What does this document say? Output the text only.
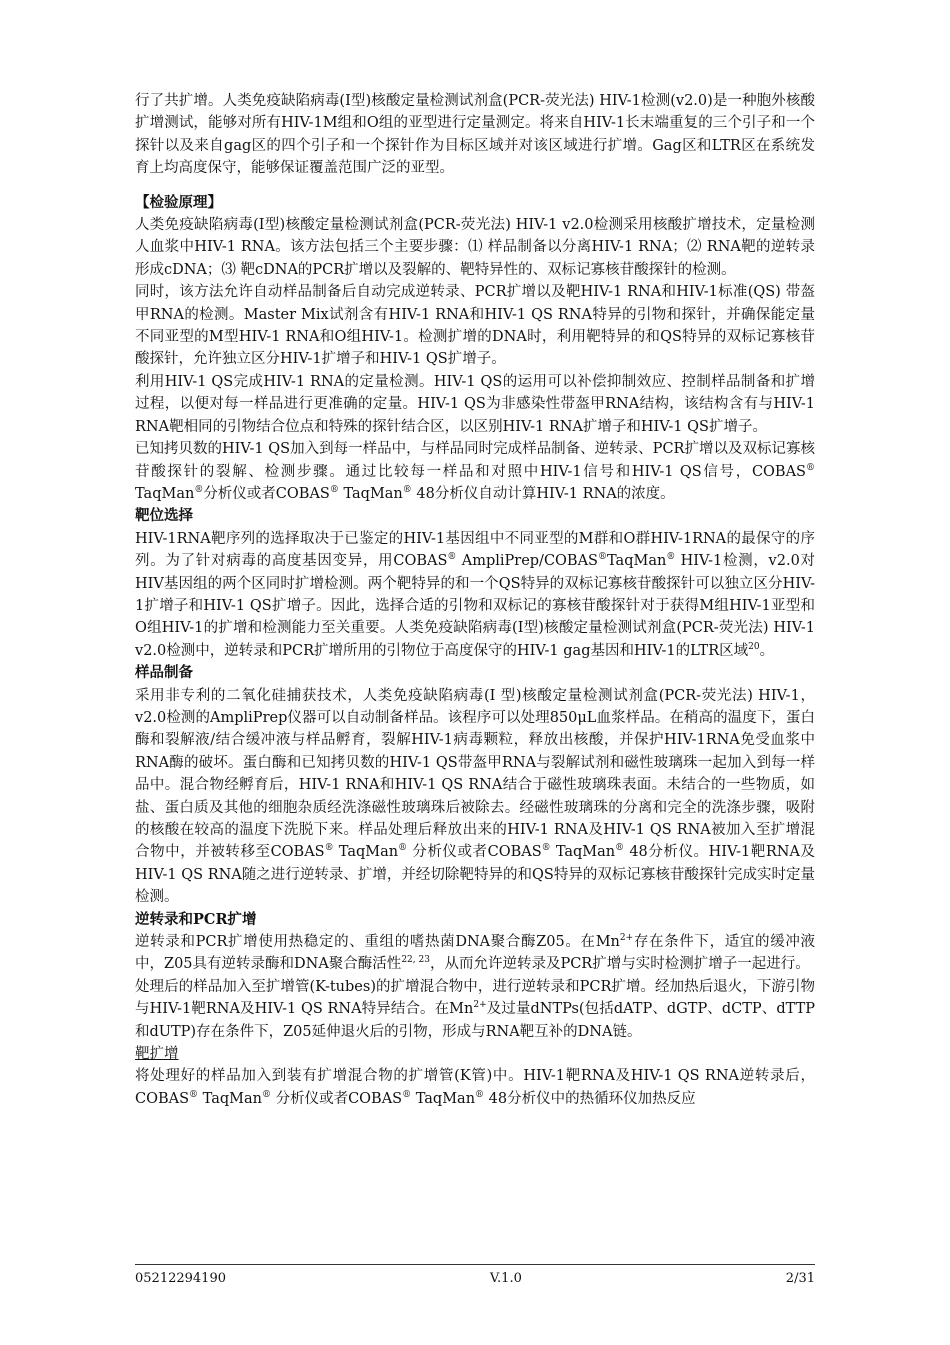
行了共扩增。人类免疫缺陷病毒(I型)核酸定量检测试剂盒(PCR-荧光法) HIV-1检测(v2.0)是一种胞外核酸扩增测试，能够对所有HIV-1M组和O组的亚型进行定量测定。将来自HIV-1长末端重复的三个引子和一个探针以及来自gag区的四个引子和一个探针作为目标区域并对该区域进行扩增。Gag区和LTR区在系统发育上均高度保守，能够保证覆盖范围广泛的亚型。

【检验原理】

人类免疫缺陷病毒(I型)核酸定量检测试剂盒(PCR-荧光法) HIV-1 v2.0检测采用核酸扩增技术，定量检测人血浆中HIV-1 RNA。该方法包括三个主要步骤：⑴ 样品制备以分离HIV-1 RNA；⑵ RNA靶的逆转录形成cDNA；⑶ 靶cDNA的PCR扩增以及裂解的、靶特异性的、双标记寡核苷酸探针的检测。

同时，该方法允许自动样品制备后自动完成逆转录、PCR扩增以及靶HIV-1 RNA和HIV-1标准(QS) 带盔甲RNA的检测。Master Mix试剂含有HIV-1 RNA和HIV-1 QS RNA特异的引物和探针，并确保能定量不同亚型的M型HIV-1 RNA和O组HIV-1。检测扩增的DNA时，利用靶特异的和QS特异的双标记寡核苷酸探针，允许独立区分HIV-1扩增子和HIV-1 QS扩增子。

利用HIV-1 QS完成HIV-1 RNA的定量检测。HIV-1 QS的运用可以补偿抑制效应、控制样品制备和扩增过程，以便对每一样品进行更准确的定量。HIV-1 QS为非感染性带盔甲RNA结构，该结构含有与HIV-1 RNA靶相同的引物结合位点和特殊的探针结合区，以区别HIV-1 RNA扩增子和HIV-1 QS扩增子。

已知拷贝数的HIV-1 QS加入到每一样品中，与样品同时完成样品制备、逆转录、PCR扩增以及双标记寡核苷酸探针的裂解、检测步骤。通过比较每一样品和对照中HIV-1信号和HIV-1 QS信号，COBAS® TaqMan®分析仪或者COBAS® TaqMan® 48分析仪自动计算HIV-1 RNA的浓度。

靶位选择

HIV-1RNA靶序列的选择取决于已鉴定的HIV-1基因组中不同亚型的M群和O群HIV-1RNA的最保守的序列。为了针对病毒的高度基因变异，用COBAS® AmpliPrep/COBAS®TaqMan® HIV-1检测，v2.0对HIV基因组的两个区同时扩增检测。两个靶特异的和一个QS特异的双标记寡核苷酸探针可以独立区分HIV-1扩增子和HIV-1 QS扩增子。因此，选择合适的引物和双标记的寡核苷酸探针对于获得M组HIV-1亚型和O组HIV-1的扩增和检测能力至关重要。人类免疫缺陷病毒(I型)核酸定量检测试剂盒(PCR-荧光法) HIV-1 v2.0检测中，逆转录和PCR扩增所用的引物位于高度保守的HIV-1 gag基因和HIV-1的LTR区域$^{20}$。

样品制备

采用非专利的二氧化硅捕获技术，人类免疫缺陷病毒(I 型)核酸定量检测试剂盒(PCR-荧光法) HIV-1，v2.0检测的AmpliPrep仪器可以自动制备样品。该程序可以处理850μL血浆样品。在稍高的温度下，蛋白酶和裂解液/结合缓冲液与样品孵育，裂解HIV-1病毒颗粒，释放出核酸，并保护HIV-1RNA免受血浆中RNA酶的破坏。蛋白酶和已知拷贝数的HIV-1 QS带盔甲RNA与裂解试剂和磁性玻璃珠一起加入到每一样品中。混合物经孵育后，HIV-1 RNA和HIV-1 QS RNA结合于磁性玻璃珠表面。未结合的一些物质，如盐、蛋白质及其他的细胞杂质经洗涤磁性玻璃珠后被除去。经磁性玻璃珠的分离和完全的洗涤步骤，吸附的核酸在较高的温度下洗脱下来。样品处理后释放出来的HIV-1 RNA及HIV-1 QS RNA被加入至扩增混合物中，并被转移至COBAS® TaqMan® 分析仪或者COBAS® TaqMan® 48分析仪。HIV-1靶RNA及HIV-1 QS RNA随之进行逆转录、扩增，并经切除靶特异的和QS特异的双标记寡核苷酸探针完成实时定量检测。

逆转录和PCR扩增

逆转录和PCR扩增使用热稳定的、重组的嗜热菌DNA聚合酶Z05。在$Mn^{2+}$存在条件下，适宜的缓冲液中，Z05具有逆转录酶和DNA聚合酶活性$^{22, 23}$，从而允许逆转录及PCR扩增与实时检测扩增子一起进行。

处理后的样品加入至扩增管(K-tubes)的扩增混合物中，进行逆转录和PCR扩增。经加热后退火，下游引物与HIV-1靶RNA及HIV-1 QS RNA特异结合。在$Mn^{2+}$及过量dNTPs(包括dATP、dGTP、dCTP、dTTP和dUTP)存在条件下，Z05延伸退火后的引物，形成与RNA靶互补的DNA链。

靶扩增

将处理好的样品加入到装有扩增混合物的扩增管(K管)中。HIV-1靶RNA及HIV-1 QS RNA逆转录后，COBAS® TaqMan® 分析仪或者COBAS® TaqMan® 48分析仪中的热循环仪加热反应

05212294190	V.1.0	2/31
